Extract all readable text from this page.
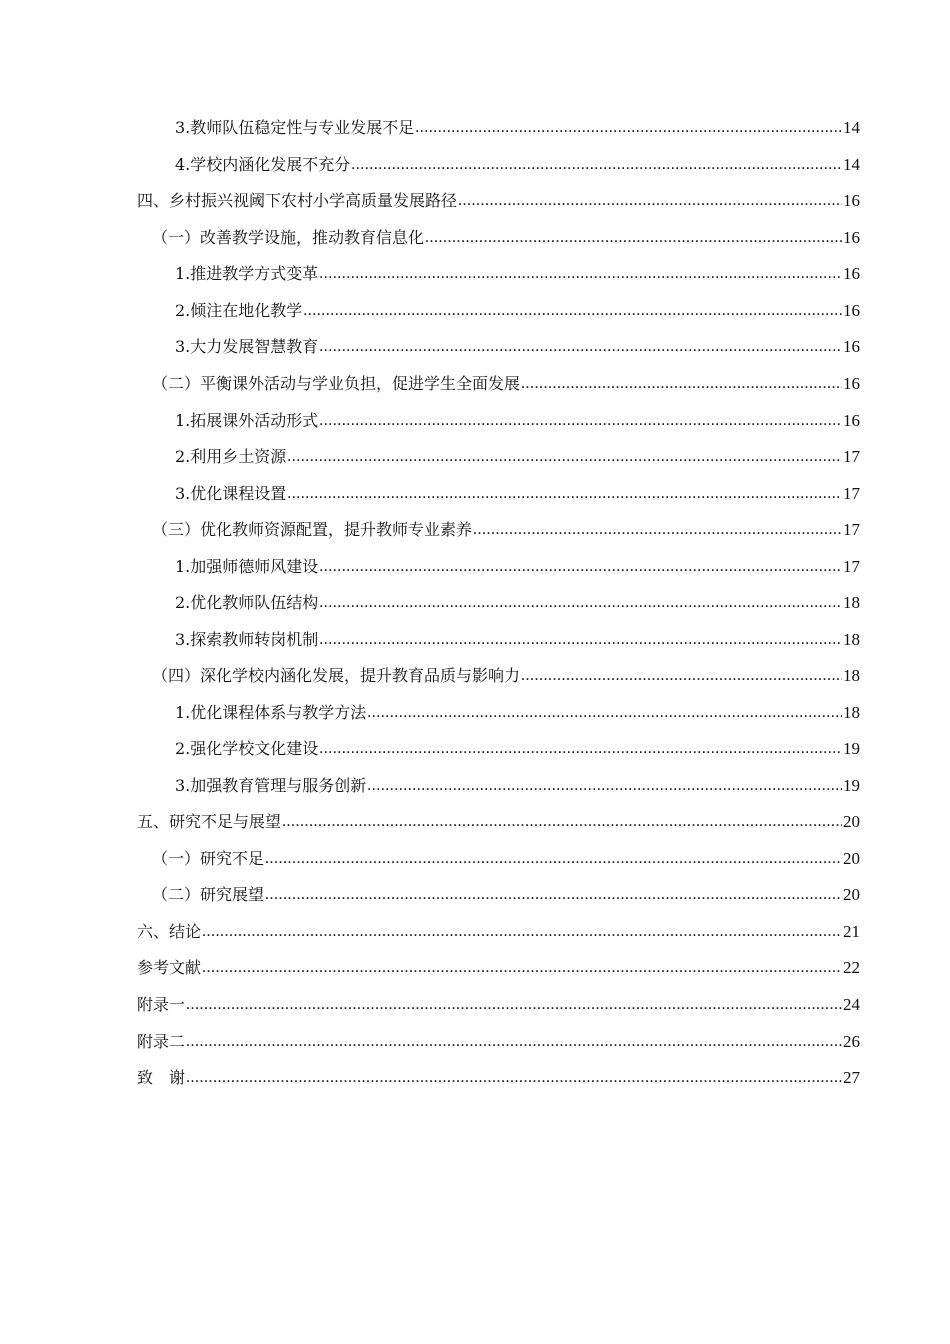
3.教师队伍稳定性与专业发展不足 .....	14
4.学校内涵化发展不充分 .....	14
四、乡村振兴视阈下农村小学高质量发展路径 .....	16
（一）改善教学设施，推动教育信息化 .....	16
1.推进教学方式变革 .....	16
2.倾注在地化教学 .....	16
3.大力发展智慧教育 .....	16
（二）平衡课外活动与学业负担，促进学生全面发展 .....	16
1.拓展课外活动形式 .....	16
2.利用乡土资源 .....	17
3.优化课程设置 .....	17
（三）优化教师资源配置，提升教师专业素养 .....	17
1.加强师德师风建设 .....	17
2.优化教师队伍结构 .....	18
3.探索教师转岗机制 .....	18
（四）深化学校内涵化发展，提升教育品质与影响力 .....	18
1.优化课程体系与教学方法 .....	18
2.强化学校文化建设 .....	19
3.加强教育管理与服务创新 .....	19
五、研究不足与展望 .....	20
（一）研究不足 .....	20
（二）研究展望 .....	20
六、结论 .....	21
参考文献 .....	22
附录一 .....	24
附录二 .....	26
致　谢 .....	27
